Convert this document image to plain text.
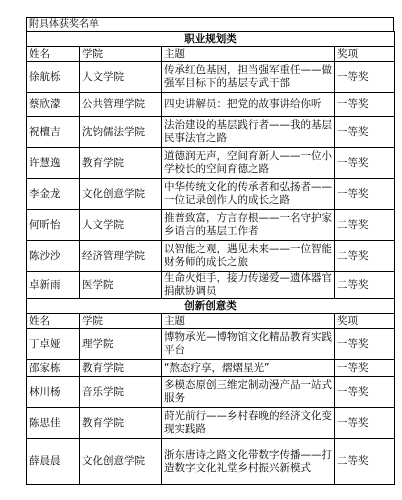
附具体获奖名单
职业规划类			
姓名	学院	主题	奖项
徐航栎	人文学院	传承红色基因，担当强军重任——做强军目标下的基层专武干部	一等奖
蔡欣濛	公共管理学院	四史讲解员：把党的故事讲给你听	一等奖
祝檀吉	沈钧儒法学院	法治建设的基层践行者——我的基层民事法官之路	一等奖
许慧逸	教育学院	道德润无声，空间育新人——一位小学校长的空间育德之路	一等奖
李金龙	文化创意学院	中华传统文化的传承者和弘扬者——一位记录创作人的成长之路	一等奖
何昕怡	人文学院	推普致富，方言存根——一名守护家乡语言的基层工作者	二等奖
陈沙沙	经济管理学院	以智能之观，遇见未来——一位智能财务师的成长之旅	二等奖
卓新雨	医学院	生命火炬手，接力传递爱—遗体器官捐献协调员	二等奖
创新创意类			
姓名	学院	主题	奖项
丁卓娅	理学院	博物承光—博物馆文化精品教育实践平台	一等奖
邵家栋	教育学院	“熬态疗享，熠熠星光”	一等奖
林川杨	音乐学院	多模态原创三维定制动漫产品一站式服务	一等奖
陈思佳	教育学院	莳光前行——乡村春晚的经济文化变现实践路	一等奖
薛晨晨	文化创意学院	浙东唐诗之路文化带数字传播——打造数字文化礼堂乡村振兴新模式	二等奖
